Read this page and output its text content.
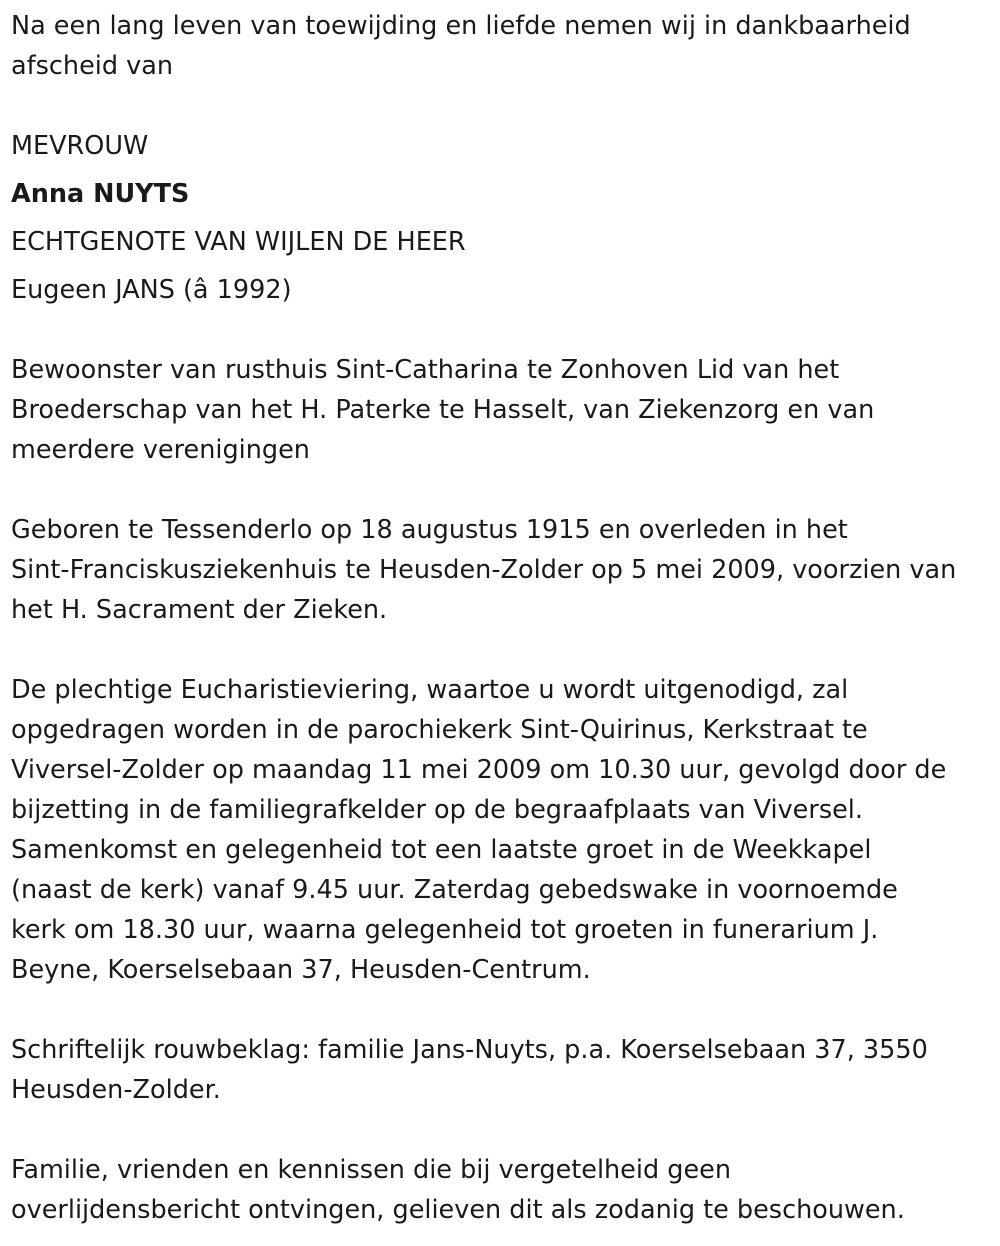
Na een lang leven van toewijding en liefde nemen wij in dankbaarheid
afscheid van

MEVROUW
Anna NUYTS
ECHTGENOTE VAN WIJLEN DE HEER
Eugeen JANS (â 1992)

Bewoonster van rusthuis Sint-Catharina te Zonhoven Lid van het
Broederschap van het H. Paterke te Hasselt, van Ziekenzorg en van
meerdere verenigingen

Geboren te Tessenderlo op 18 augustus 1915 en overleden in het
Sint-Franciskusziekenhuis te Heusden-Zolder op 5 mei 2009, voorzien van
het H. Sacrament der Zieken.

De plechtige Eucharistieviering, waartoe u wordt uitgenodigd, zal
opgedragen worden in de parochiekerk Sint-Quirinus, Kerkstraat te
Viversel-Zolder op maandag 11 mei 2009 om 10.30 uur, gevolgd door de
bijzetting in de familiegrafkelder op de begraafplaats van Viversel.
Samenkomst en gelegenheid tot een laatste groet in de Weekkapel
(naast de kerk) vanaf 9.45 uur. Zaterdag gebedswake in voornoemde
kerk om 18.30 uur, waarna gelegenheid tot groeten in funerarium J.
Beyne, Koerselsebaan 37, Heusden-Centrum.

Schriftelijk rouwbeklag: familie Jans-Nuyts, p.a. Koerselsebaan 37, 3550
Heusden-Zolder.

Familie, vrienden en kennissen die bij vergetelheid geen
overlijdensbericht ontvingen, gelieven dit als zodanig te beschouwen.
